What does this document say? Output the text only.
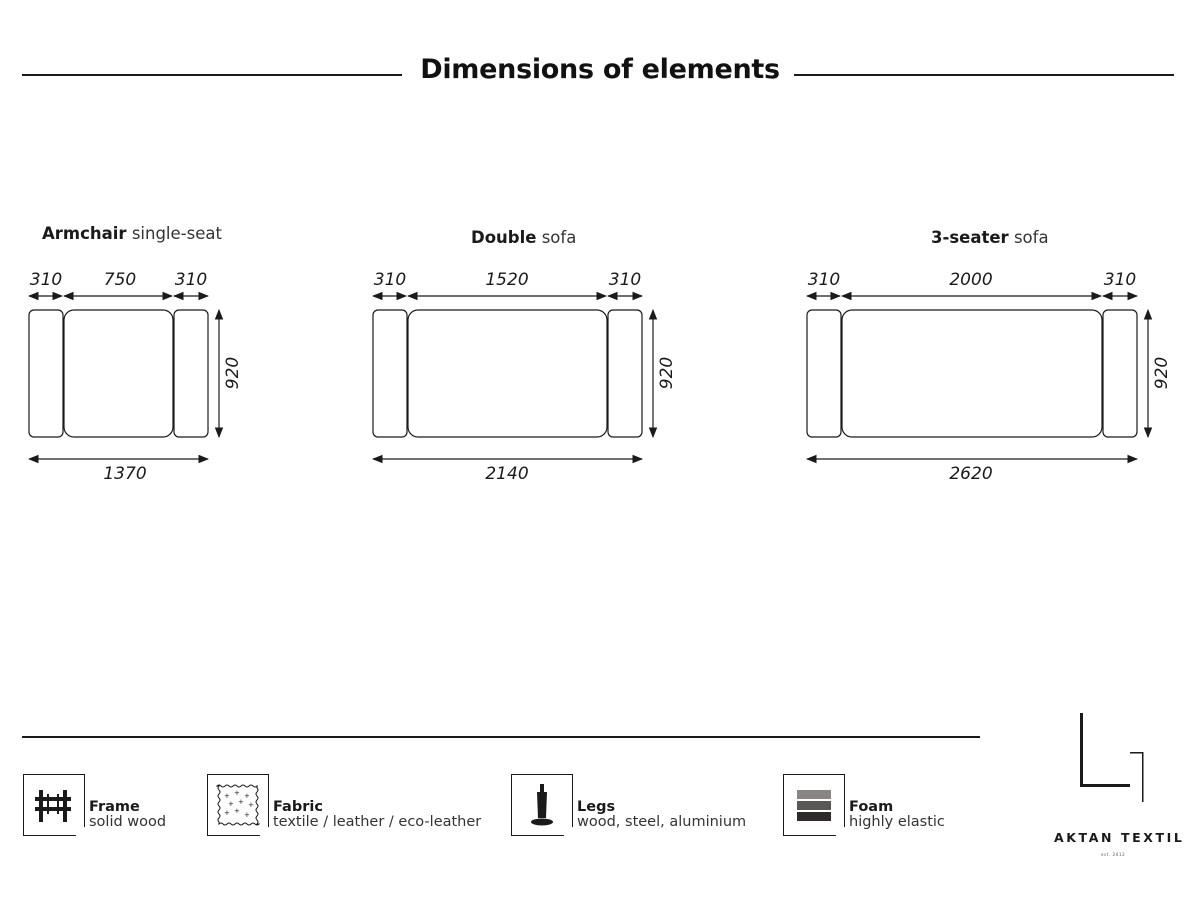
Dimensions of elements
Armchair single-seat	Double sofa	3-seater sofa
310 750 310
920
1370
310	1520	310
920
2140
310	2000	310
920
2620
Frame
solid wood
+ + +
+ + +
+ + + Fabric
textile / leather / eco-leather
Legs
wood, steel, aluminium
Foam
highly elastic
AKTAN TEXTIL
est. 2012
